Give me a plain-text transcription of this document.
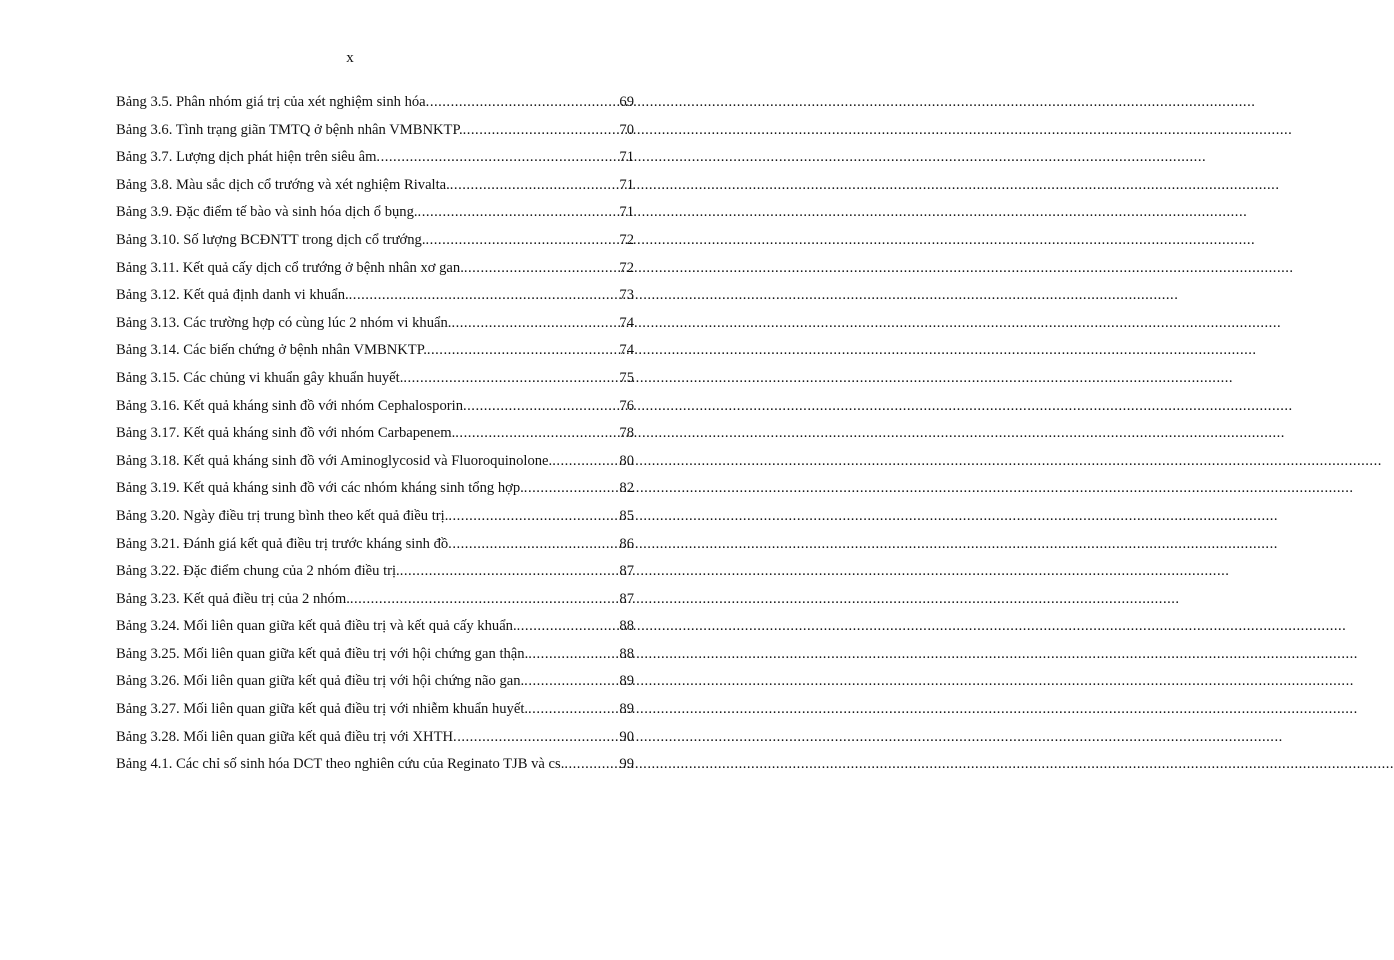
x
Bảng 3.5. Phân nhóm giá trị của xét nghiệm sinh hóa .....	69
Bảng 3.6. Tình trạng giãn TMTQ ở bệnh nhân VMBNKTP. .....	70
Bảng 3.7. Lượng dịch phát hiện trên siêu âm .....	71
Bảng 3.8. Màu sắc dịch cổ trướng và xét nghiệm Rivalta. .....	71
Bảng 3.9. Đặc điểm tế bào và sinh hóa dịch ổ bụng. .....	71
Bảng 3.10. Số lượng BCĐNTT trong dịch cổ trướng. .....	72
Bảng 3.11. Kết quả cấy dịch cổ trướng ở bệnh nhân xơ gan. .....	72
Bảng 3.12. Kết quả định danh vi khuẩn. .....	73
Bảng 3.13. Các trường hợp có cùng lúc 2 nhóm vi khuẩn. .....	74
Bảng 3.14. Các biến chứng ở bệnh nhân VMBNKTP. .....	74
Bảng 3.15. Các chủng vi khuẩn gây khuẩn huyết. .....	75
Bảng 3.16. Kết quả kháng sinh đồ với nhóm Cephalosporin .....	76
Bảng 3.17. Kết quả kháng sinh đồ với nhóm Carbapenem. .....	78
Bảng 3.18. Kết quả kháng sinh đồ với Aminoglycosid và Fluoroquinolone. .....	80
Bảng 3.19. Kết quả kháng sinh đồ với các nhóm kháng sinh tổng hợp. .....	82
Bảng 3.20. Ngày điều trị trung bình theo kết quả điều trị. .....	85
Bảng 3.21. Đánh giá kết quả điều trị trước kháng sinh đồ .....	86
Bảng 3.22. Đặc điểm chung của 2 nhóm điều trị. .....	87
Bảng 3.23. Kết quả điều trị của 2 nhóm. .....	87
Bảng 3.24. Mối liên quan giữa kết quả điều trị và kết quả cấy khuẩn. .....	88
Bảng 3.25. Mối liên quan giữa kết quả điều trị với hội chứng gan thận. .....	88
Bảng 3.26. Mối liên quan giữa kết quả điều trị với hội chứng não gan. .....	89
Bảng 3.27. Mối liên quan giữa kết quả điều trị với nhiễm khuẩn huyết. .....	89
Bảng 3.28. Mối liên quan giữa kết quả điều trị với XHTH .....	90
Bảng 4.1. Các chỉ số sinh hóa DCT theo nghiên cứu của Reginato TJB và cs. .....	99
